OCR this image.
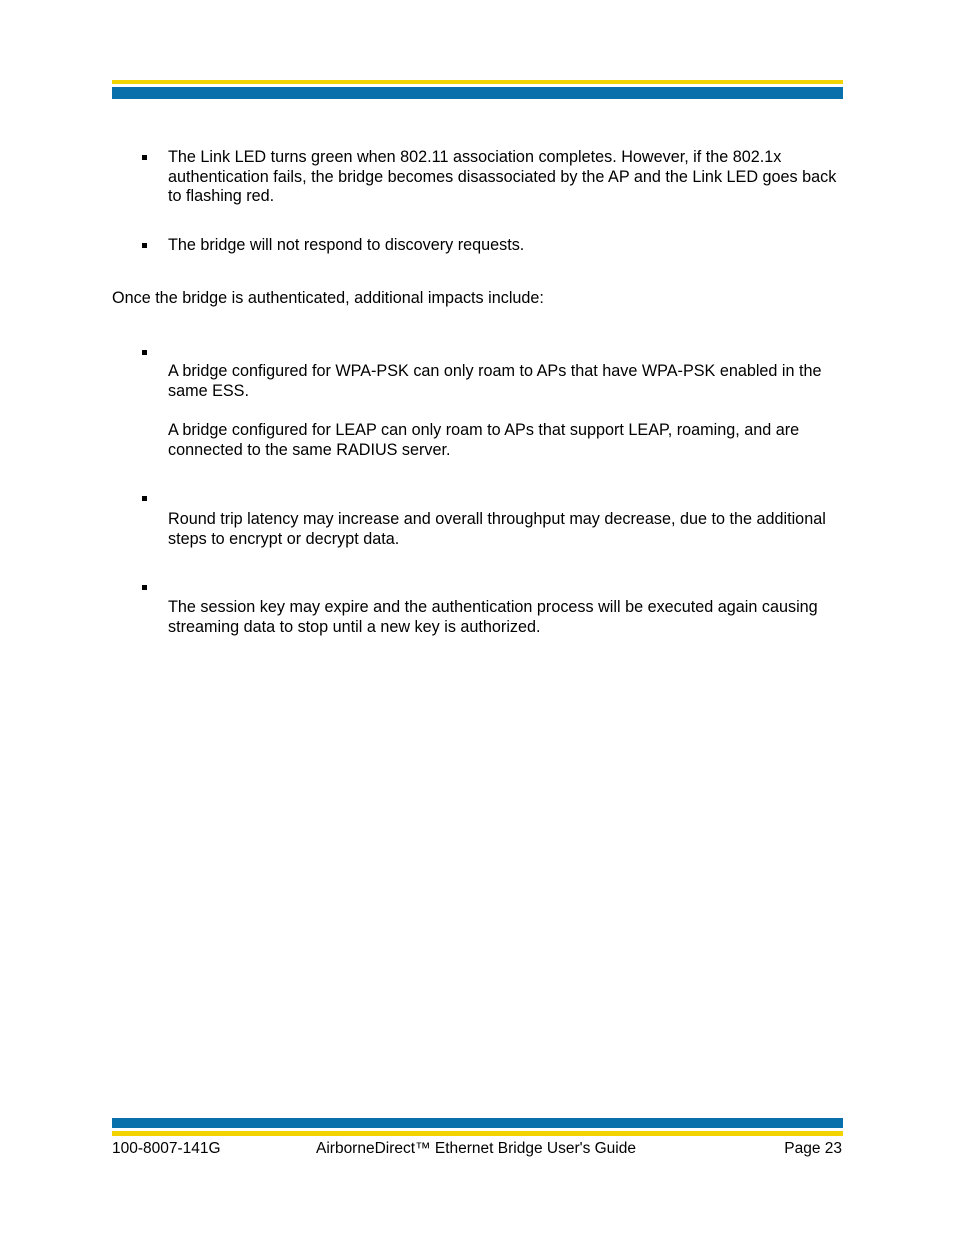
The Link LED turns green when 802.11 association completes. However, if the 802.1x authentication fails, the bridge becomes disassociated by the AP and the Link LED goes back to flashing red.
The bridge will not respond to discovery requests.
Once the bridge is authenticated, additional impacts include:
A bridge configured for WPA-PSK can only roam to APs that have WPA-PSK enabled in the same ESS.
A bridge configured for LEAP can only roam to APs that support LEAP, roaming, and are connected to the same RADIUS server.
Round trip latency may increase and overall throughput may decrease, due to the additional steps to encrypt or decrypt data.
The session key may expire and the authentication process will be executed again causing streaming data to stop until a new key is authorized.
100-8007-141G	AirborneDirect™ Ethernet Bridge User's Guide	Page 23
